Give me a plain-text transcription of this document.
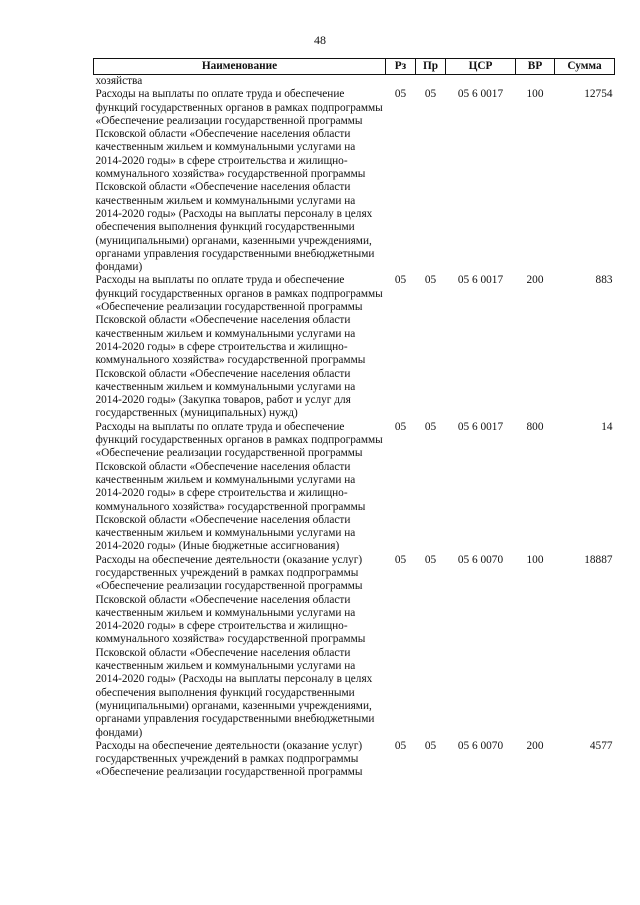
48
Наименование	Рз	Пр	ЦСР	ВР	Сумма
хозяйства					
Расходы на выплаты по оплате труда и обеспечение функций государственных органов в рамках подпрограммы «Обеспечение реализации государственной программы Псковской области «Обеспечение населения области качественным жильем и коммунальными услугами на 2014-2020 годы» в сфере строительства и жилищно-коммунального хозяйства» государственной программы Псковской области «Обеспечение населения области качественным жильем и коммунальными услугами на 2014-2020 годы» (Расходы на выплаты персоналу в целях обеспечения выполнения функций государственными (муниципальными) органами, казенными учреждениями, органами управления государственными внебюджетными фондами)	05	05	05 6 0017	100	12754
Расходы на выплаты по оплате труда и обеспечение функций государственных органов в рамках подпрограммы «Обеспечение реализации государственной программы Псковской области «Обеспечение населения области качественным жильем и коммунальными услугами на 2014-2020 годы» в сфере строительства и жилищно-коммунального хозяйства» государственной программы Псковской области «Обеспечение населения области качественным жильем и коммунальными услугами на 2014-2020 годы» (Закупка товаров, работ и услуг для государственных (муниципальных) нужд)	05	05	05 6 0017	200	883
Расходы на выплаты по оплате труда и обеспечение функций государственных органов в рамках подпрограммы «Обеспечение реализации государственной программы Псковской области «Обеспечение населения области качественным жильем и коммунальными услугами на 2014-2020 годы» в сфере строительства и жилищно-коммунального хозяйства» государственной программы Псковской области «Обеспечение населения области качественным жильем и коммунальными услугами на 2014-2020 годы» (Иные бюджетные ассигнования)	05	05	05 6 0017	800	14
Расходы на обеспечение деятельности (оказание услуг) государственных учреждений в рамках подпрограммы «Обеспечение реализации государственной программы Псковской области «Обеспечение населения области качественным жильем и коммунальными услугами на 2014-2020 годы» в сфере строительства и жилищно-коммунального хозяйства» государственной программы Псковской области «Обеспечение населения области качественным жильем и коммунальными услугами на 2014-2020 годы» (Расходы на выплаты персоналу в целях обеспечения выполнения функций государственными (муниципальными) органами, казенными учреждениями, органами управления государственными внебюджетными фондами)	05	05	05 6 0070	100	18887
Расходы на обеспечение деятельности (оказание услуг) государственных учреждений в рамках подпрограммы «Обеспечение реализации государственной программы	05	05	05 6 0070	200	4577
